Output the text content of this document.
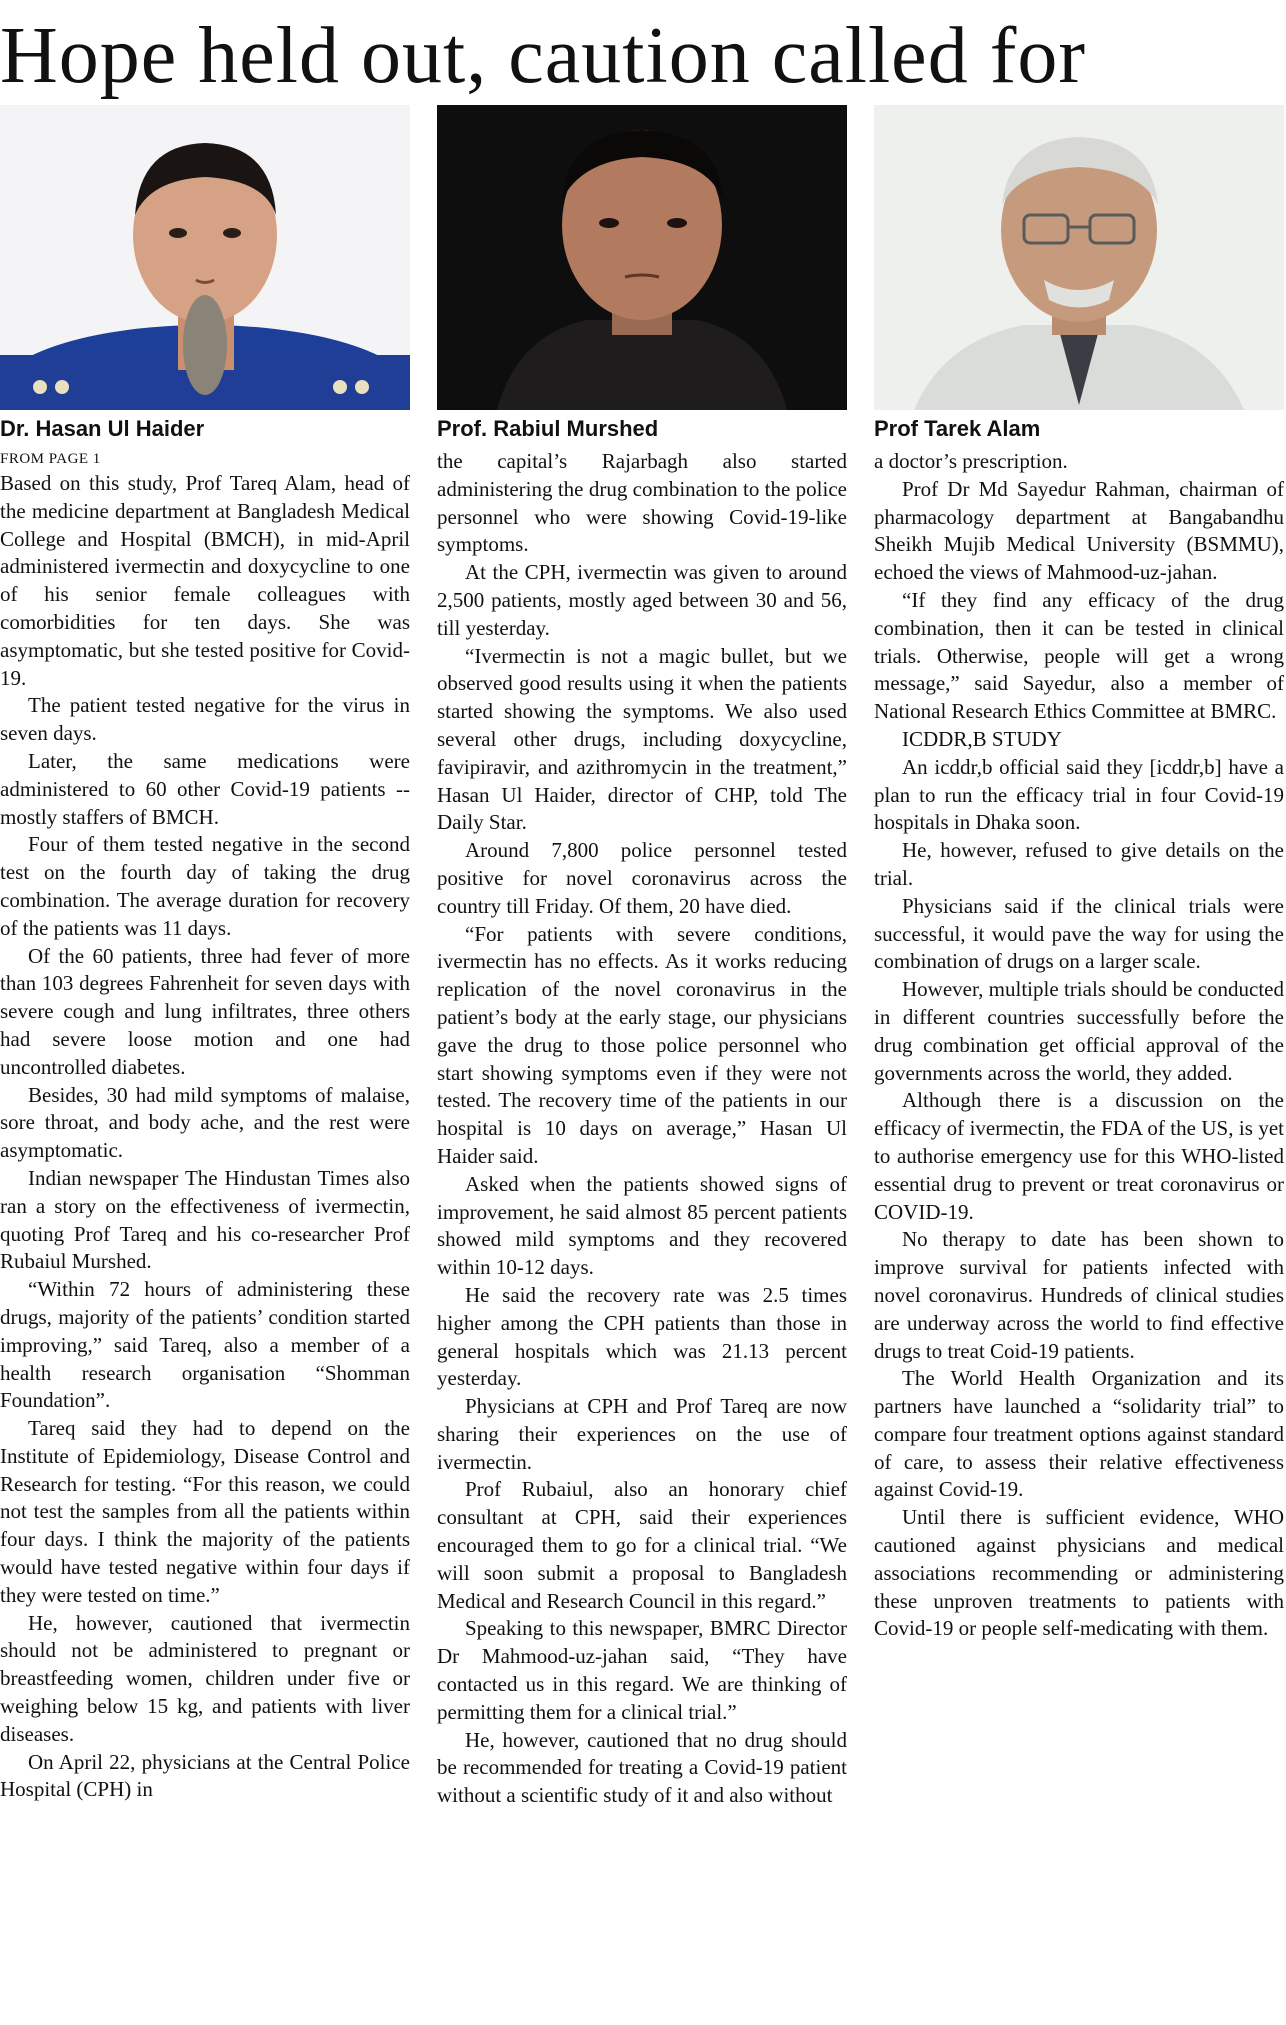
Hope held out, caution called for
Dr. Hasan Ul Haider
FROM PAGE 1

Based on this study, Prof Tareq Alam, head of the medicine department at Bangladesh Medical College and Hospital (BMCH), in mid-April administered ivermectin and doxycycline to one of his senior female colleagues with comorbidities for ten days. She was asymptomatic, but she tested positive for Covid-19.

The patient tested negative for the virus in seven days.

Later, the same medications were administered to 60 other Covid-19 patients -- mostly staffers of BMCH.

Four of them tested negative in the second test on the fourth day of taking the drug combination. The average duration for recovery of the patients was 11 days.

Of the 60 patients, three had fever of more than 103 degrees Fahrenheit for seven days with severe cough and lung infiltrates, three others had severe loose motion and one had uncontrolled diabetes.

Besides, 30 had mild symptoms of malaise, sore throat, and body ache, and the rest were asymptomatic.

Indian newspaper The Hindustan Times also ran a story on the effectiveness of ivermectin, quoting Prof Tareq and his co-researcher Prof Rubaiul Murshed.

“Within 72 hours of administering these drugs, majority of the patients’ condition started improving,” said Tareq, also a member of a health research organisation “Shomman Foundation”.

Tareq said they had to depend on the Institute of Epidemiology, Disease Control and Research for testing. “For this reason, we could not test the samples from all the patients within four days. I think the majority of the patients would have tested negative within four days if they were tested on time.”

He, however, cautioned that ivermectin should not be administered to pregnant or breastfeeding women, children under five or weighing below 15 kg, and patients with liver diseases.

On April 22, physicians at the Central Police Hospital (CPH) in

Prof. Rabiul Murshed

the capital’s Rajarbagh also started administering the drug combination to the police personnel who were showing Covid-19-like symptoms.

At the CPH, ivermectin was given to around 2,500 patients, mostly aged between 30 and 56, till yesterday.

“Ivermectin is not a magic bullet, but we observed good results using it when the patients started showing the symptoms. We also used several other drugs, including doxycycline, favipiravir, and azithromycin in the treatment,” Hasan Ul Haider, director of CHP, told The Daily Star.

Around 7,800 police personnel tested positive for novel coronavirus across the country till Friday. Of them, 20 have died.

“For patients with severe conditions, ivermectin has no effects. As it works reducing replication of the novel coronavirus in the patient’s body at the early stage, our physicians gave the drug to those police personnel who start showing symptoms even if they were not tested. The recovery time of the patients in our hospital is 10 days on average,” Hasan Ul Haider said.

Asked when the patients showed signs of improvement, he said almost 85 percent patients showed mild symptoms and they recovered within 10-12 days.

He said the recovery rate was 2.5 times higher among the CPH patients than those in general hospitals which was 21.13 percent yesterday.

Physicians at CPH and Prof Tareq are now sharing their experiences on the use of ivermectin.

Prof Rubaiul, also an honorary chief consultant at CPH, said their experiences encouraged them to go for a clinical trial. “We will soon submit a proposal to Bangladesh Medical and Research Council in this regard.”

Speaking to this newspaper, BMRC Director Dr Mahmood-uz-jahan said, “They have contacted us in this regard. We are thinking of permitting them for a clinical trial.”

He, however, cautioned that no drug should be recommended for treating a Covid-19 patient without a scientific study of it and also without

Prof Tarek Alam

a doctor’s prescription.

Prof Dr Md Sayedur Rahman, chairman of pharmacology department at Bangabandhu Sheikh Mujib Medical University (BSMMU), echoed the views of Mahmood-uz-jahan.

“If they find any efficacy of the drug combination, then it can be tested in clinical trials. Otherwise, people will get a wrong message,” said Sayedur, also a member of National Research Ethics Committee at BMRC.

ICDDR,B STUDY

An icddr,b official said they [icddr,b] have a plan to run the efficacy trial in four Covid-19 hospitals in Dhaka soon.

He, however, refused to give details on the trial.

Physicians said if the clinical trials were successful, it would pave the way for using the combination of drugs on a larger scale.

However, multiple trials should be conducted in different countries successfully before the drug combination get official approval of the governments across the world, they added.

Although there is a discussion on the efficacy of ivermectin, the FDA of the US, is yet to authorise emergency use for this WHO-listed essential drug to prevent or treat coronavirus or COVID-19.

No therapy to date has been shown to improve survival for patients infected with novel coronavirus. Hundreds of clinical studies are underway across the world to find effective drugs to treat Coid-19 patients.

The World Health Organization and its partners have launched a “solidarity trial” to compare four treatment options against standard of care, to assess their relative effectiveness against Covid-19.

Until there is sufficient evidence, WHO cautioned against physicians and medical associations recommending or administering these unproven treatments to patients with Covid-19 or people self-medicating with them.
